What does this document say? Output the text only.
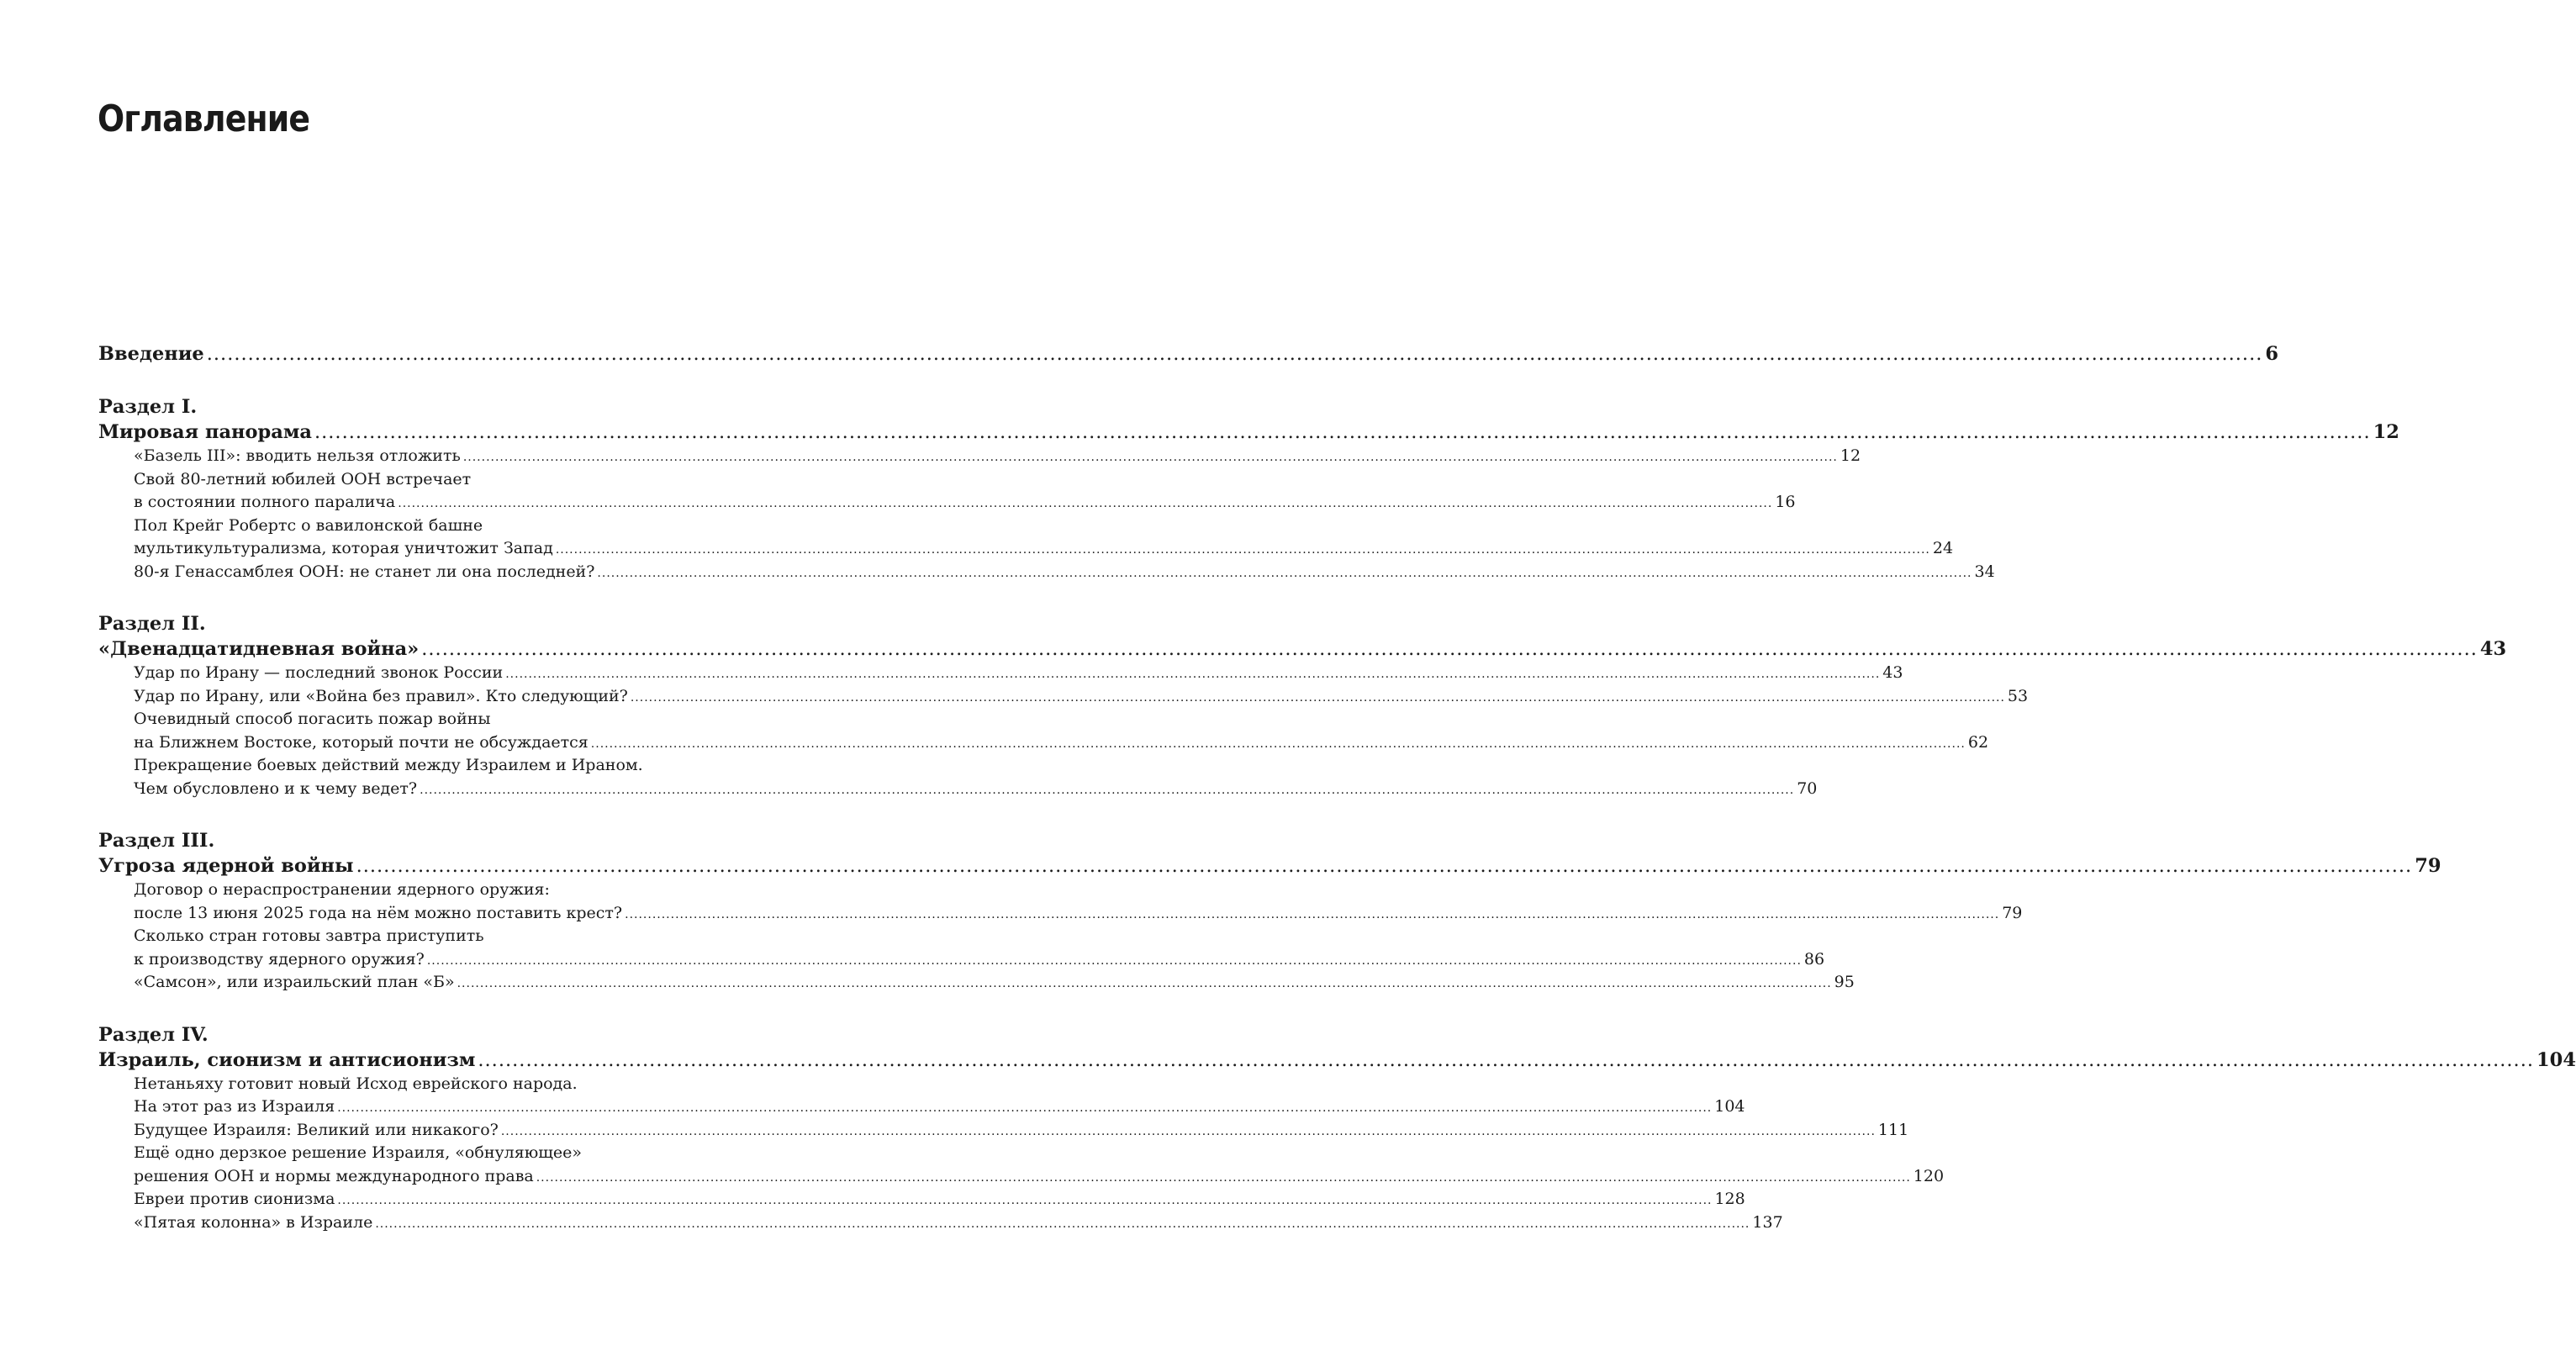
Оглавление
Введение ............................................................................................................................................................................................................................................................................................................ 6
Раздел I.
Мировая панорама ............................................................................................................................................................................................................................................................................................................ 12
«Базель III»: вводить нельзя отложить ............................................................................................................................................................................................................................................................................................................ 12
Свой 80-летний юбилей ООН встречает
в состоянии полного паралича ............................................................................................................................................................................................................................................................................................................ 16
Пол Крейг Робертс о вавилонской башне
мультикультурализма, которая уничтожит Запад ............................................................................................................................................................................................................................................................................................................ 24
80-я Генассамблея ООН: не станет ли она последней? ............................................................................................................................................................................................................................................................................................................ 34
Раздел II.
«Двенадцатидневная война» ............................................................................................................................................................................................................................................................................................................ 43
Удар по Ирану — последний звонок России ............................................................................................................................................................................................................................................................................................................ 43
Удар по Ирану, или «Война без правил». Кто следующий? ............................................................................................................................................................................................................................................................................................................ 53
Очевидный способ погасить пожар войны
на Ближнем Востоке, который почти не обсуждается ............................................................................................................................................................................................................................................................................................................ 62
Прекращение боевых действий между Израилем и Ираном.
Чем обусловлено и к чему ведет? ............................................................................................................................................................................................................................................................................................................ 70
Раздел III.
Угроза ядерной войны ............................................................................................................................................................................................................................................................................................................ 79
Договор о нераспространении ядерного оружия:
после 13 июня 2025 года на нём можно поставить крест? ............................................................................................................................................................................................................................................................................................................ 79
Сколько стран готовы завтра приступить
к производству ядерного оружия? ............................................................................................................................................................................................................................................................................................................ 86
«Самсон», или израильский план «Б» ............................................................................................................................................................................................................................................................................................................ 95
Раздел IV.
Израиль, сионизм и антисионизм ............................................................................................................................................................................................................................................................................................................ 104
Нетаньяху готовит новый Исход еврейского народа.
На этот раз из Израиля ............................................................................................................................................................................................................................................................................................................ 104
Будущее Израиля: Великий или никакого? ............................................................................................................................................................................................................................................................................................................ 111
Ещё одно дерзкое решение Израиля, «обнуляющее»
решения ООН и нормы международного права ............................................................................................................................................................................................................................................................................................................ 120
Евреи против сионизма ............................................................................................................................................................................................................................................................................................................ 128
«Пятая колонна» в Израиле ............................................................................................................................................................................................................................................................................................................ 137
